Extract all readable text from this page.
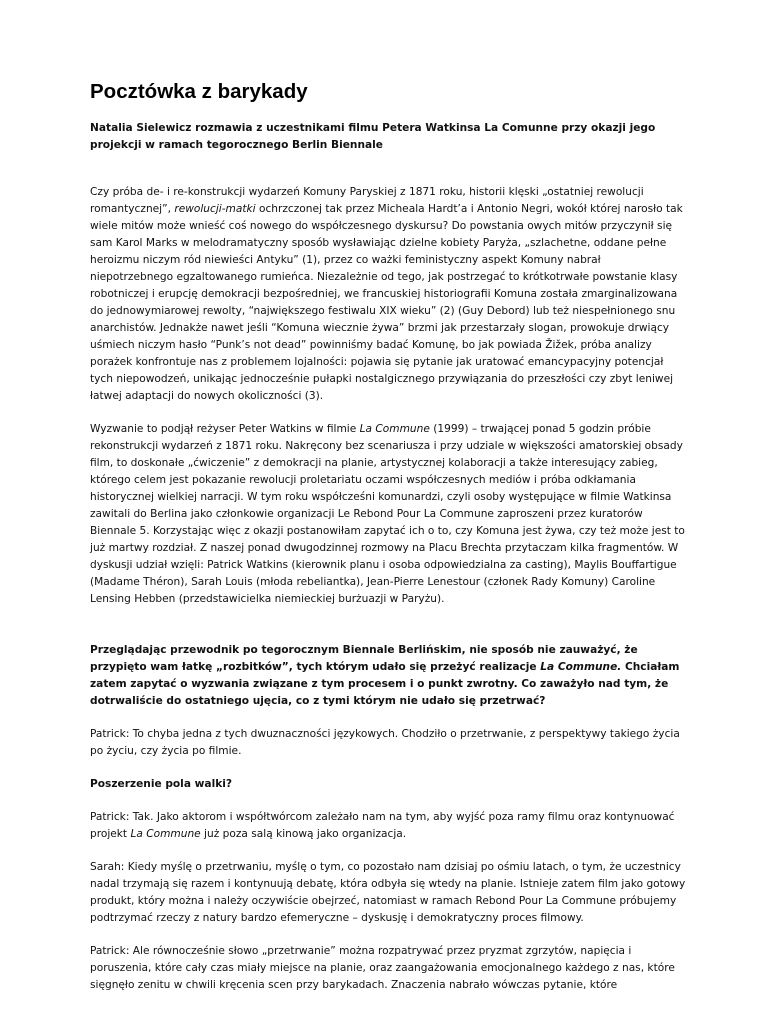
Pocztówka z barykady

Natalia Sielewicz rozmawia z uczestnikami filmu Petera Watkinsa La Comunne przy okazji jego projekcji w ramach tegorocznego Berlin Biennale

Czy próba de- i re-konstrukcji wydarzeń Komuny Paryskiej z 1871 roku, historii klęski „ostatniej rewolucji romantycznej”, rewolucji-matki ochrzczonej tak przez Micheala Hardt’a i Antonio Negri, wokół której narosło tak wiele mitów może wnieść coś nowego do współczesnego dyskursu? Do powstania owych mitów przyczynił się sam Karol Marks w melodramatyczny sposób wysławiając dzielne kobiety Paryża, „szlachetne, oddane pełne heroizmu niczym ród niewieści Antyku” (1), przez co ważki feministyczny aspekt Komuny nabrał niepotrzebnego egzaltowanego rumieńca. Niezależnie od tego, jak postrzegać to krótkotrwałe powstanie klasy robotniczej i erupcję demokracji bezpośredniej, we francuskiej historiografii Komuna została zmarginalizowana do jednowymiarowej rewolty, “największego festiwalu XIX wieku” (2) (Guy Debord) lub też niespełnionego snu anarchistów. Jednakże nawet jeśli “Komuna wiecznie żywa” brzmi jak przestarzały slogan, prowokuje drwiący uśmiech niczym hasło “Punk’s not dead” powinniśmy badać Komunę, bo jak powiada Žižek, próba analizy porażek konfrontuje nas z problemem lojalności: pojawia się pytanie jak uratować emancypacyjny potencjał tych niepowodzeń, unikając jednocześnie pułapki nostalgicznego przywiązania do przeszłości czy zbyt leniwej łatwej adaptacji do nowych okoliczności (3).

Wyzwanie to podjął reżyser Peter Watkins w filmie La Commune (1999) – trwającej ponad 5 godzin próbie rekonstrukcji wydarzeń z 1871 roku. Nakręcony bez scenariusza i przy udziale w większości amatorskiej obsady film, to doskonałe „ćwiczenie” z demokracji na planie, artystycznej kolaboracji a także interesujący zabieg, którego celem jest pokazanie rewolucji proletariatu oczami współczesnych mediów i próba odkłamania historycznej wielkiej narracji. W tym roku współcześni komunardzi, czyli osoby występujące w filmie Watkinsa zawitali do Berlina jako członkowie organizacji Le Rebond Pour La Commune zaproszeni przez kuratorów Biennale 5. Korzystając więc z okazji postanowiłam zapytać ich o to, czy Komuna jest żywa, czy też może jest to już martwy rozdział. Z naszej ponad dwugodzinnej rozmowy na Placu Brechta przytaczam kilka fragmentów. W dyskusji udział wzięli: Patrick Watkins (kierownik planu i osoba odpowiedzialna za casting), Maylis Bouffartigue (Madame Théron), Sarah Louis (młoda rebeliantka), Jean-Pierre Lenestour (członek Rady Komuny) Caroline Lensing Hebben (przedstawicielka niemieckiej burżuazji w Paryżu).

Przeglądając przewodnik po tegorocznym Biennale Berlińskim, nie sposób nie zauważyć, że przypięto wam łatkę „rozbitków”, tych którym udało się przeżyć realizacje La Commune. Chciałam zatem zapytać o wyzwania związane z tym procesem i o punkt zwrotny. Co zaważyło nad tym, że dotrwaliście do ostatniego ujęcia, co z tymi którym nie udało się przetrwać?

Patrick: To chyba jedna z tych dwuznaczności językowych. Chodziło o przetrwanie, z perspektywy takiego życia po życiu, czy życia po filmie.

Poszerzenie pola walki?

Patrick: Tak. Jako aktorom i współtwórcom zależało nam na tym, aby wyjść poza ramy filmu oraz kontynuować projekt La Commune już poza salą kinową jako organizacja.

Sarah: Kiedy myślę o przetrwaniu, myślę o tym, co pozostało nam dzisiaj po ośmiu latach, o tym, że uczestnicy nadal trzymają się razem i kontynuują debatę, która odbyła się wtedy na planie. Istnieje zatem film jako gotowy produkt, który można i należy oczywiście obejrzeć, natomiast w ramach Rebond Pour La Commune próbujemy podtrzymać rzeczy z natury bardzo efemeryczne – dyskusję i demokratyczny proces filmowy.

Patrick: Ale równocześnie słowo „przetrwanie” można rozpatrywać przez pryzmat zgrzytów, napięcia i poruszenia, które cały czas miały miejsce na planie, oraz zaangażowania emocjonalnego każdego z nas, które sięgnęło zenitu w chwili kręcenia scen przy barykadach. Znaczenia nabrało wówczas pytanie, które
